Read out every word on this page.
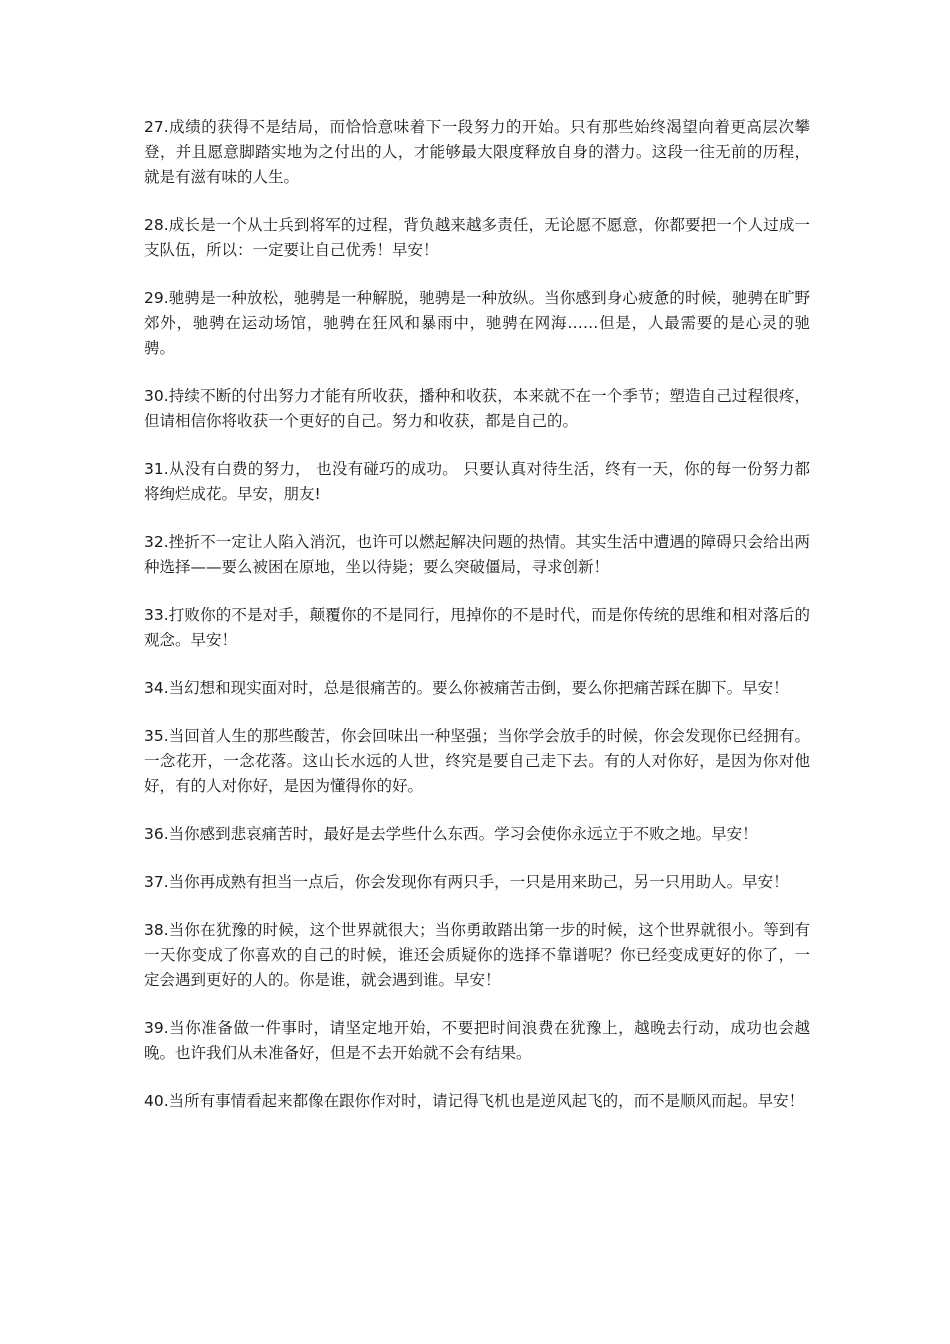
27.成绩的获得不是结局，而恰恰意味着下一段努力的开始。只有那些始终渴望向着更高层次攀登，并且愿意脚踏实地为之付出的人，才能够最大限度释放自身的潜力。这段一往无前的历程，就是有滋有味的人生。

28.成长是一个从士兵到将军的过程，背负越来越多责任，无论愿不愿意，你都要把一个人过成一支队伍，所以：一定要让自己优秀！早安！

29.驰骋是一种放松，驰骋是一种解脱，驰骋是一种放纵。当你感到身心疲惫的时候，驰骋在旷野郊外，驰骋在运动场馆，驰骋在狂风和暴雨中，驰骋在网海……但是，人最需要的是心灵的驰骋。

30.持续不断的付出努力才能有所收获，播种和收获，本来就不在一个季节；塑造自己过程很疼，但请相信你将收获一个更好的自己。努力和收获，都是自己的。

31.从没有白费的努力， 也没有碰巧的成功。 只要认真对待生活，终有一天，你的每一份努力都将绚烂成花。早安，朋友!

32.挫折不一定让人陷入消沉，也许可以燃起解决问题的热情。其实生活中遭遇的障碍只会给出两种选择——要么被困在原地，坐以待毙；要么突破僵局，寻求创新！

33.打败你的不是对手，颠覆你的不是同行，甩掉你的不是时代，而是你传统的思维和相对落后的观念。早安！

34.当幻想和现实面对时，总是很痛苦的。要么你被痛苦击倒，要么你把痛苦踩在脚下。早安！

35.当回首人生的那些酸苦，你会回味出一种坚强；当你学会放手的时候，你会发现你已经拥有。一念花开，一念花落。这山长水远的人世，终究是要自己走下去。有的人对你好，是因为你对他好，有的人对你好，是因为懂得你的好。

36.当你感到悲哀痛苦时，最好是去学些什么东西。学习会使你永远立于不败之地。早安！

37.当你再成熟有担当一点后，你会发现你有两只手，一只是用来助己，另一只用助人。早安！

38.当你在犹豫的时候，这个世界就很大；当你勇敢踏出第一步的时候，这个世界就很小。等到有一天你变成了你喜欢的自己的时候，谁还会质疑你的选择不靠谱呢？你已经变成更好的你了，一定会遇到更好的人的。你是谁，就会遇到谁。早安！

39.当你准备做一件事时，请坚定地开始，不要把时间浪费在犹豫上，越晚去行动，成功也会越晚。也许我们从未准备好，但是不去开始就不会有结果。

40.当所有事情看起来都像在跟你作对时，请记得飞机也是逆风起飞的，而不是顺风而起。早安！
